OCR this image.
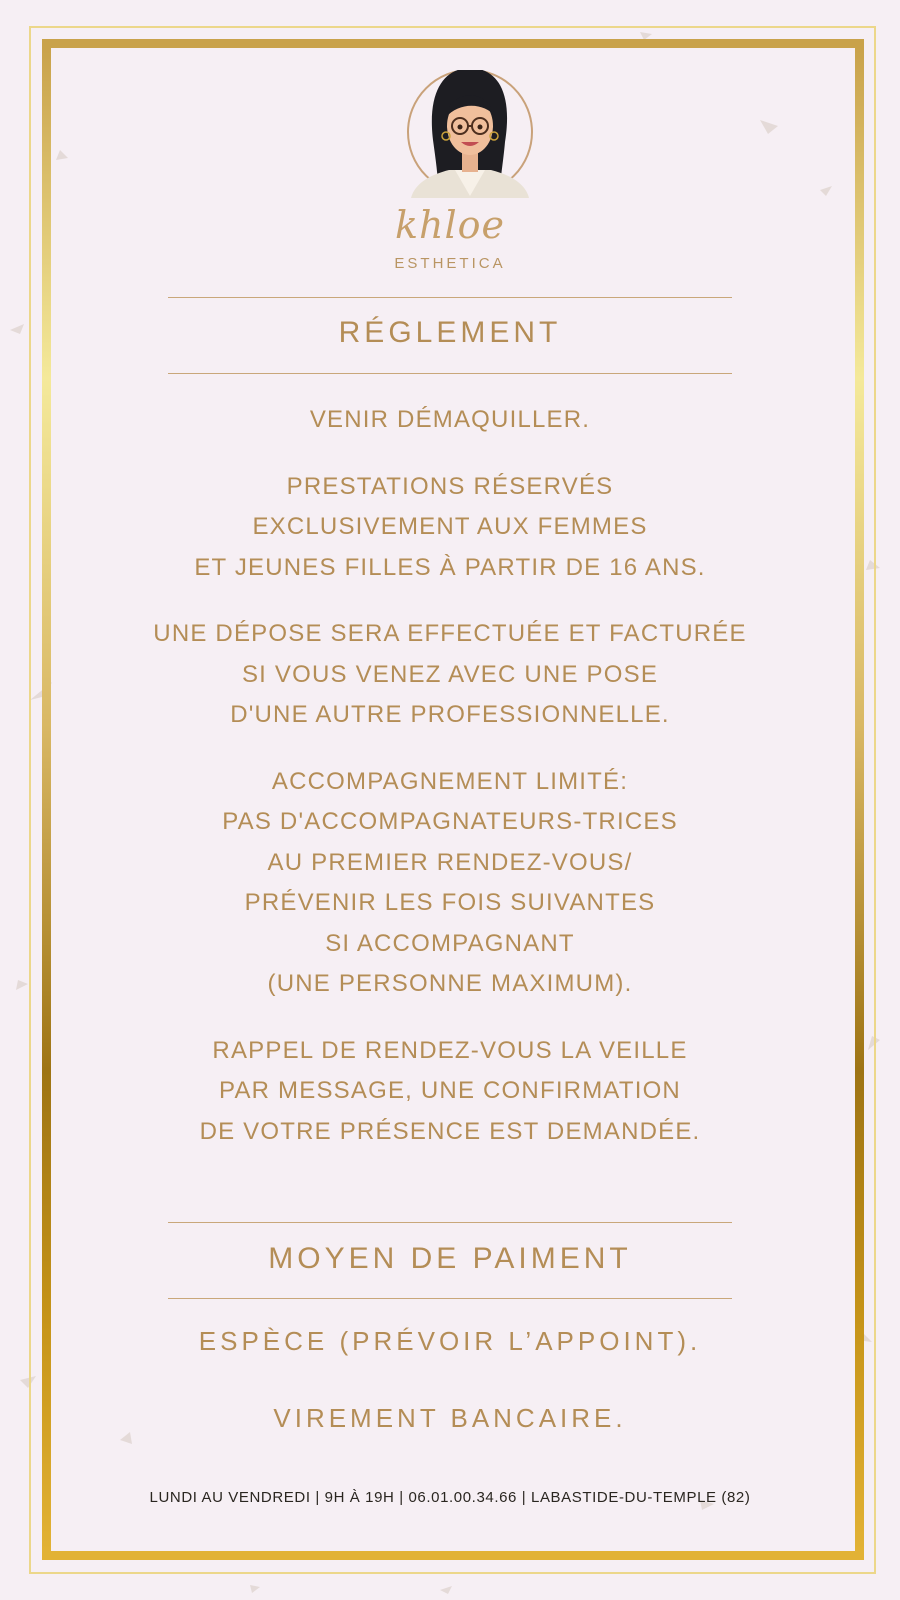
khloe
ESTHETICA
RÉGLEMENT

VENIR DÉMAQUILLER.

PRESTATIONS RÉSERVÉS
EXCLUSIVEMENT AUX FEMMES
ET JEUNES FILLES À PARTIR DE 16 ANS.

UNE DÉPOSE SERA EFFECTUÉE ET FACTURÉE
SI VOUS VENEZ AVEC UNE POSE
D'UNE AUTRE PROFESSIONNELLE.

ACCOMPAGNEMENT LIMITÉ:
PAS D'ACCOMPAGNATEURS-TRICES
AU PREMIER RENDEZ-VOUS/
PRÉVENIR LES FOIS SUIVANTES
SI ACCOMPAGNANT
(UNE PERSONNE MAXIMUM).

RAPPEL DE RENDEZ-VOUS LA VEILLE
PAR MESSAGE, UNE CONFIRMATION
DE VOTRE PRÉSENCE EST DEMANDÉE.

MOYEN DE PAIMENT
ESPÈCE (PRÉVOIR L’APPOINT).
VIREMENT BANCAIRE.
LUNDI AU VENDREDI | 9H À 19H | 06.01.00.34.66 | LABASTIDE-DU-TEMPLE (82)
